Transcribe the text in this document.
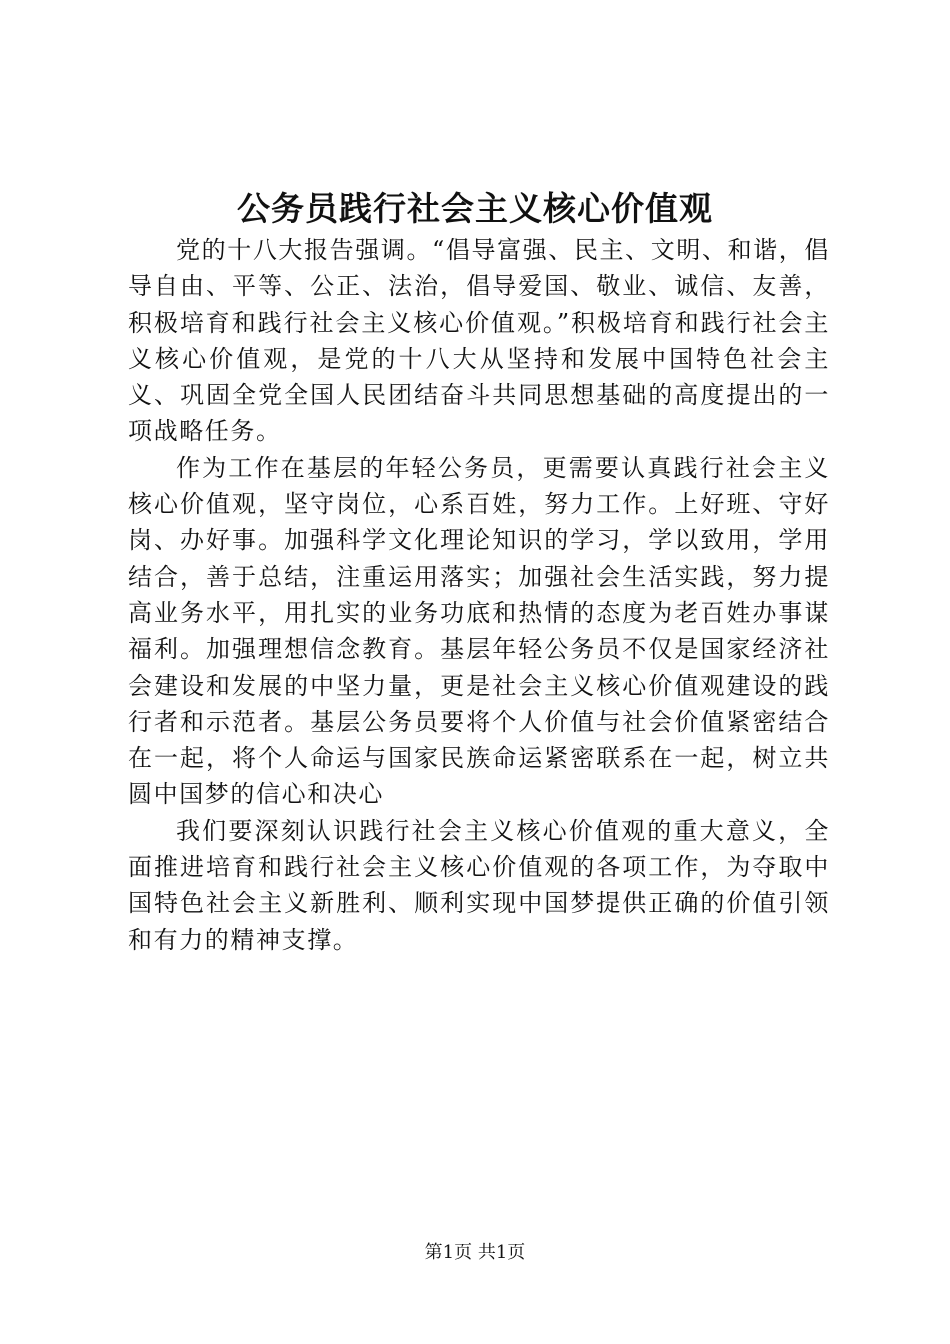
公务员践行社会主义核心价值观

党的十八大报告强调。“倡导富强、民主、文明、和谐，倡导自由、平等、公正、法治，倡导爱国、敬业、诚信、友善，积极培育和践行社会主义核心价值观。”积极培育和践行社会主义核心价值观，是党的十八大从坚持和发展中国特色社会主义、巩固全党全国人民团结奋斗共同思想基础的高度提出的一项战略任务。

作为工作在基层的年轻公务员，更需要认真践行社会主义核心价值观，坚守岗位，心系百姓，努力工作。上好班、守好岗、办好事。加强科学文化理论知识的学习，学以致用，学用结合，善于总结，注重运用落实；加强社会生活实践，努力提高业务水平，用扎实的业务功底和热情的态度为老百姓办事谋福利。加强理想信念教育。基层年轻公务员不仅是国家经济社会建设和发展的中坚力量，更是社会主义核心价值观建设的践行者和示范者。基层公务员要将个人价值与社会价值紧密结合在一起，将个人命运与国家民族命运紧密联系在一起，树立共圆中国梦的信心和决心

我们要深刻认识践行社会主义核心价值观的重大意义，全面推进培育和践行社会主义核心价值观的各项工作，为夺取中国特色社会主义新胜利、顺利实现中国梦提供正确的价值引领和有力的精神支撑。

第1页 共1页
